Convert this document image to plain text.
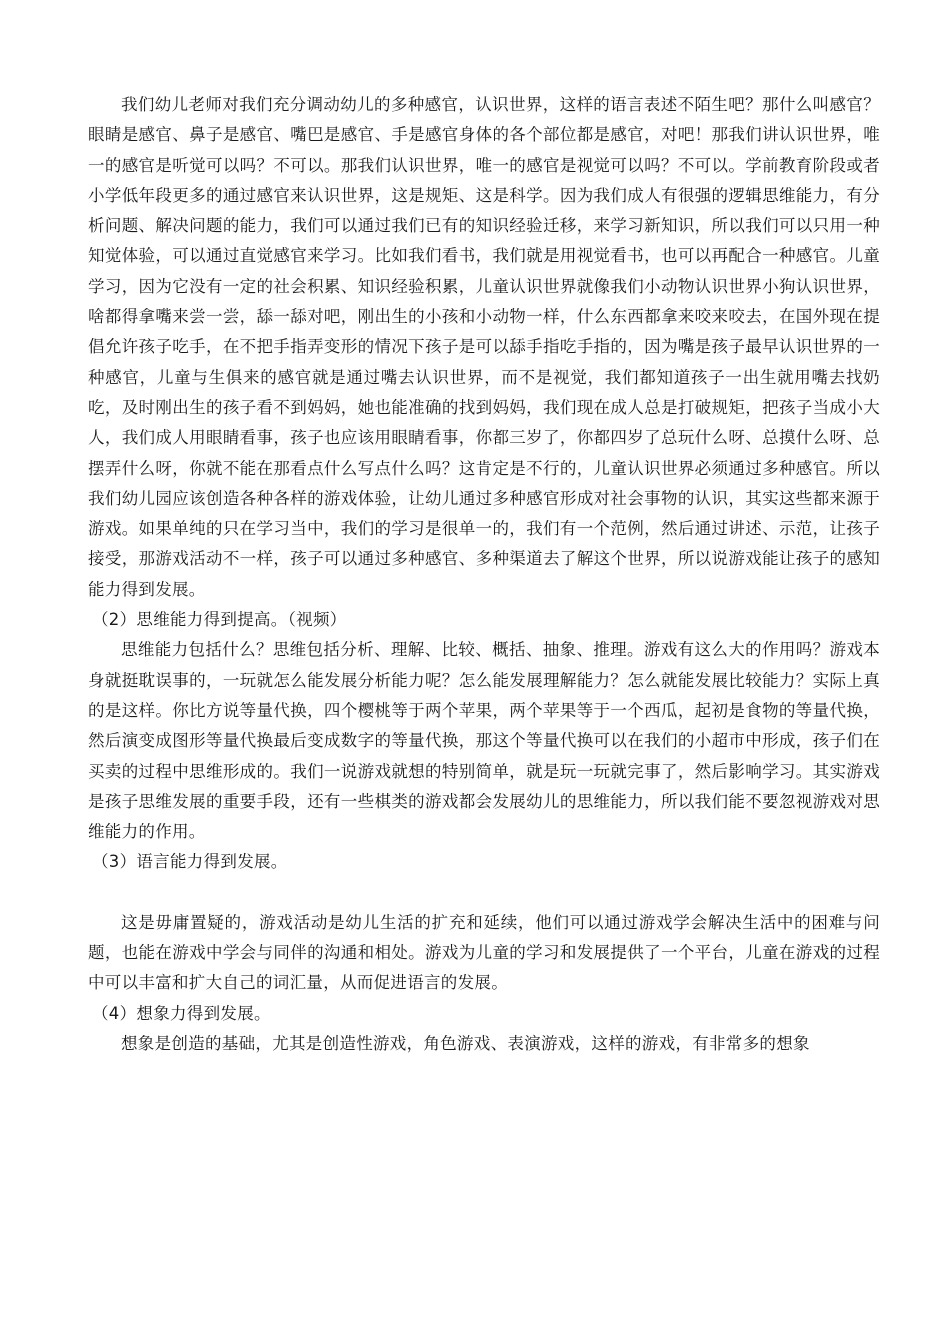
我们幼儿老师对我们充分调动幼儿的多种感官，认识世界，这样的语言表述不陌生吧？那什么叫感官？眼睛是感官、鼻子是感官、嘴巴是感官、手是感官身体的各个部位都是感官，对吧！那我们讲认识世界，唯一的感官是听觉可以吗？不可以。那我们认识世界，唯一的感官是视觉可以吗？不可以。学前教育阶段或者小学低年段更多的通过感官来认识世界，这是规矩、这是科学。因为我们成人有很强的逻辑思维能力，有分析问题、解决问题的能力，我们可以通过我们已有的知识经验迁移，来学习新知识，所以我们可以只用一种知觉体验，可以通过直觉感官来学习。比如我们看书，我们就是用视觉看书，也可以再配合一种感官。儿童学习，因为它没有一定的社会积累、知识经验积累，儿童认识世界就像我们小动物认识世界小狗认识世界，啥都得拿嘴来尝一尝，舔一舔对吧，刚出生的小孩和小动物一样，什么东西都拿来咬来咬去，在国外现在提倡允许孩子吃手，在不把手指弄变形的情况下孩子是可以舔手指吃手指的，因为嘴是孩子最早认识世界的一种感官，儿童与生俱来的感官就是通过嘴去认识世界，而不是视觉，我们都知道孩子一出生就用嘴去找奶吃，及时刚出生的孩子看不到妈妈，她也能准确的找到妈妈，我们现在成人总是打破规矩，把孩子当成小大人，我们成人用眼睛看事，孩子也应该用眼睛看事，你都三岁了，你都四岁了总玩什么呀、总摸什么呀、总摆弄什么呀，你就不能在那看点什么写点什么吗？这肯定是不行的，儿童认识世界必须通过多种感官。所以我们幼儿园应该创造各种各样的游戏体验，让幼儿通过多种感官形成对社会事物的认识，其实这些都来源于游戏。如果单纯的只在学习当中，我们的学习是很单一的，我们有一个范例，然后通过讲述、示范，让孩子接受，那游戏活动不一样，孩子可以通过多种感官、多种渠道去了解这个世界，所以说游戏能让孩子的感知能力得到发展。

（2）思维能力得到提高。（视频）

思维能力包括什么？思维包括分析、理解、比较、概括、抽象、推理。游戏有这么大的作用吗？游戏本身就挺耽误事的，一玩就怎么能发展分析能力呢？怎么能发展理解能力？怎么就能发展比较能力？实际上真的是这样。你比方说等量代换，四个樱桃等于两个苹果，两个苹果等于一个西瓜，起初是食物的等量代换，然后演变成图形等量代换最后变成数字的等量代换，那这个等量代换可以在我们的小超市中形成，孩子们在买卖的过程中思维形成的。我们一说游戏就想的特别简单，就是玩一玩就完事了，然后影响学习。其实游戏是孩子思维发展的重要手段，还有一些棋类的游戏都会发展幼儿的思维能力，所以我们能不要忽视游戏对思维能力的作用。

（3）语言能力得到发展。

这是毋庸置疑的，游戏活动是幼儿生活的扩充和延续，他们可以通过游戏学会解决生活中的困难与问题，也能在游戏中学会与同伴的沟通和相处。游戏为儿童的学习和发展提供了一个平台，儿童在游戏的过程中可以丰富和扩大自己的词汇量，从而促进语言的发展。

（4）想象力得到发展。

想象是创造的基础，尤其是创造性游戏，角色游戏、表演游戏，这样的游戏，有非常多的想象
